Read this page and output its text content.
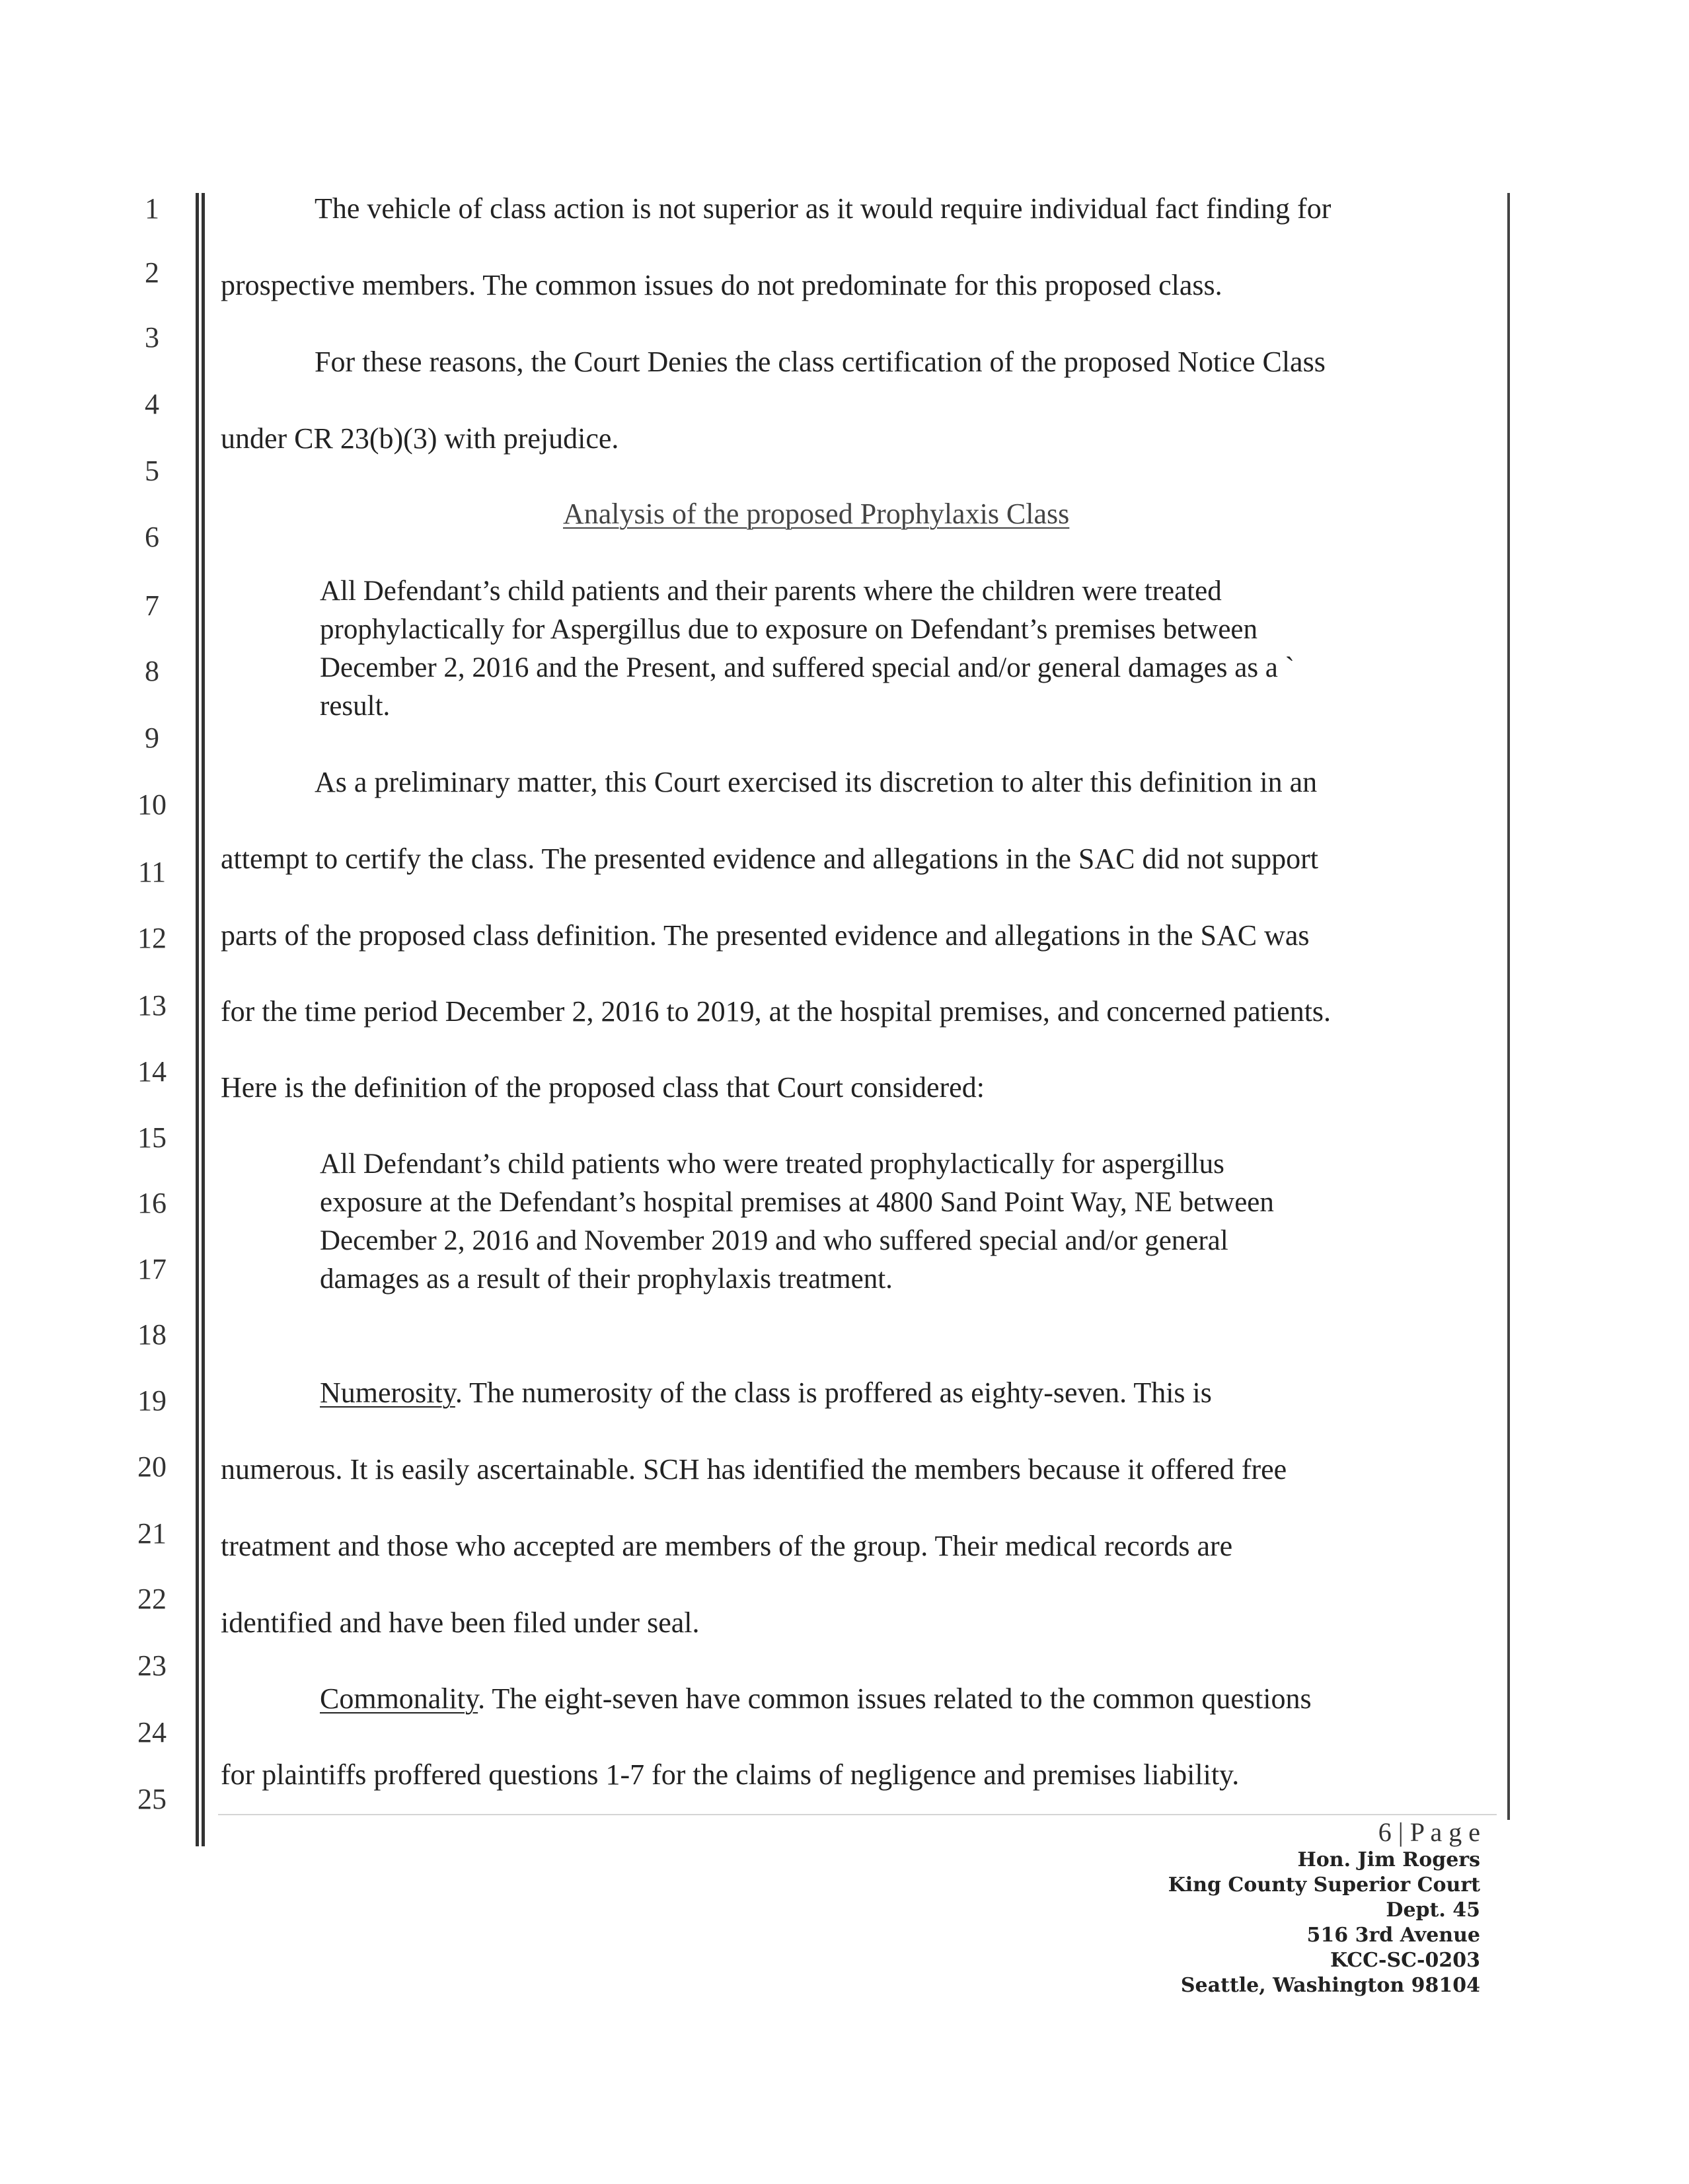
1
2
3
4
5
6
7
8
9
10
11
12
13
14
15
16
17
18
19
20
21
22
23
24
25
The vehicle of class action is not superior as it would require individual fact finding for
prospective members. The common issues do not predominate for this proposed class.
For these reasons, the Court Denies the class certification of the proposed Notice Class
under CR 23(b)(3) with prejudice.
Analysis of the proposed Prophylaxis Class
All Defendant’s child patients and their parents where the children were treated
prophylactically for Aspergillus due to exposure on Defendant’s premises between
December 2, 2016 and the Present, and suffered special and/or general damages as a `
result.
As a preliminary matter, this Court exercised its discretion to alter this definition in an
attempt to certify the class. The presented evidence and allegations in the SAC did not support
parts of the proposed class definition. The presented evidence and allegations in the SAC was
for the time period December 2, 2016 to 2019, at the hospital premises, and concerned patients.
Here is the definition of the proposed class that Court considered:
All Defendant’s child patients who were treated prophylactically for aspergillus
exposure at the Defendant’s hospital premises at 4800 Sand Point Way, NE between
December 2, 2016 and November 2019 and who suffered special and/or general
damages as a result of their prophylaxis treatment.
Numerosity. The numerosity of the class is proffered as eighty-seven. This is
numerous. It is easily ascertainable. SCH has identified the members because it offered free
treatment and those who accepted are members of the group. Their medical records are
identified and have been filed under seal.
Commonality. The eight-seven have common issues related to the common questions
for plaintiffs proffered questions 1-7 for the claims of negligence and premises liability.
6 | P a g e
Hon. Jim Rogers
King County Superior Court
Dept. 45
516 3rd Avenue
KCC-SC-0203
Seattle, Washington 98104
